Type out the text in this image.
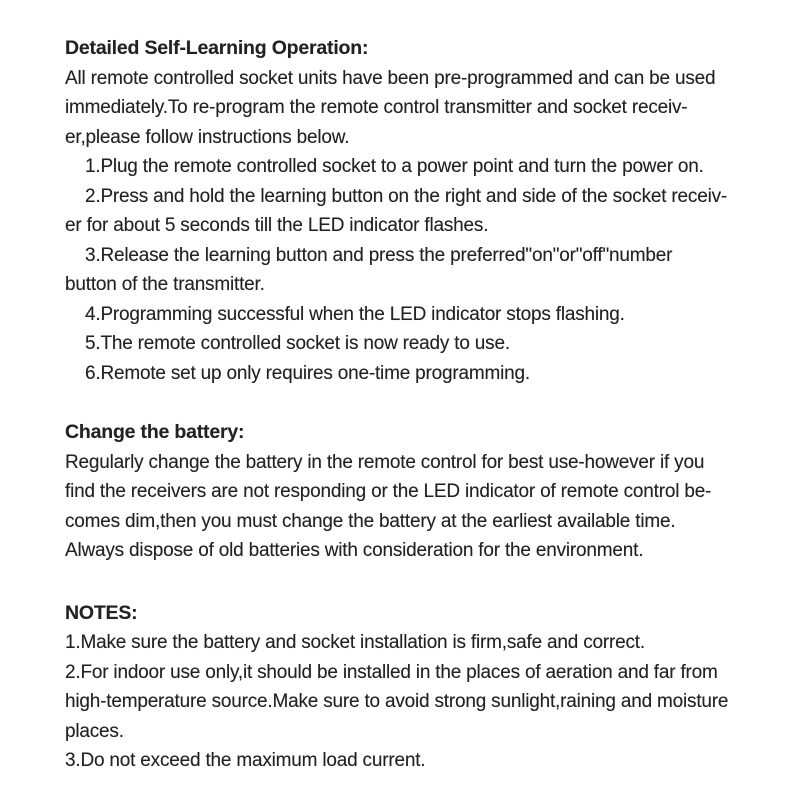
Detailed Self-Learning Operation:
All remote controlled socket units have been pre-programmed and can be used
immediately.To re-program the remote control transmitter and socket receiv-
er,please follow instructions below.
1.Plug the remote controlled socket to a power point and turn the power on.
2.Press and hold the learning button on the right and side of the socket receiv-
er for about 5 seconds till the LED indicator flashes.
3.Release the learning button and press the preferred"on"or"off"number
button of the transmitter.
4.Programming successful when the LED indicator stops flashing.
5.The remote controlled socket is now ready to use.
6.Remote set up only requires one-time programming.
Change the battery:
Regularly change the battery in the remote control for best use-however if you
find the receivers are not responding or the LED indicator of remote control be-
comes dim,then you must change the battery at the earliest available time.
Always dispose of old batteries with consideration for the environment.
NOTES:
1.Make sure the battery and socket installation is firm,safe and correct.
2.For indoor use only,it should be installed in the places of aeration and far from
high-temperature source.Make sure to avoid strong sunlight,raining and moisture
places.
3.Do not exceed the maximum load current.
